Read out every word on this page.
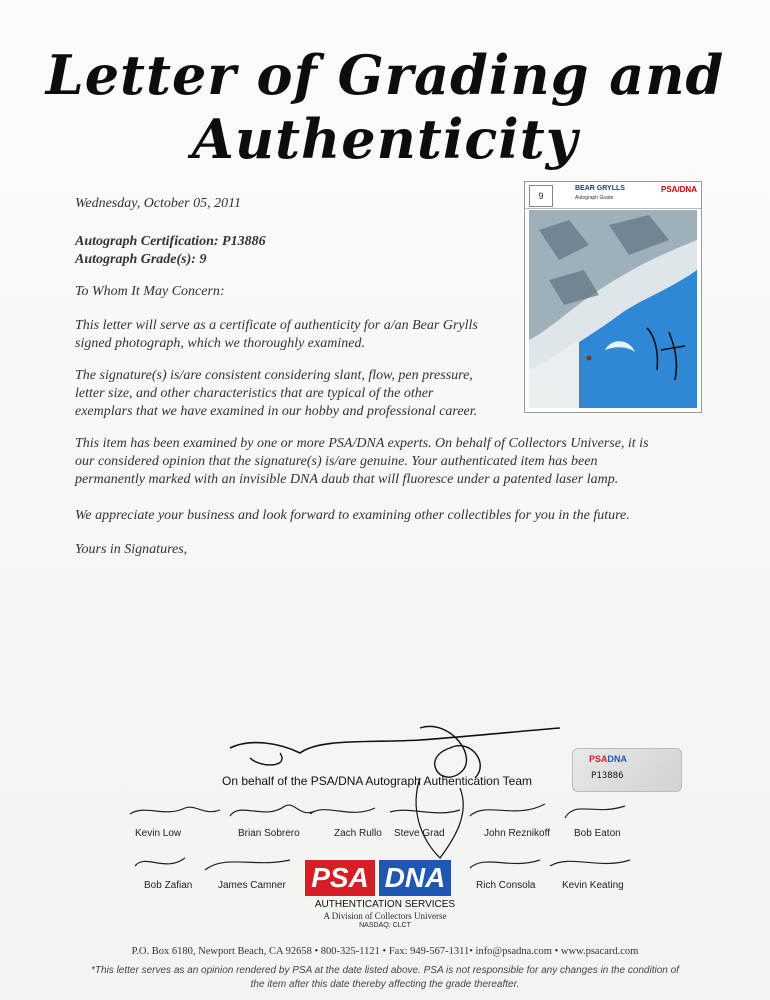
Letter of Grading and
Authenticity
Wednesday, October 05, 2011
Autograph Certification: P13886
Autograph Grade(s): 9
To Whom It May Concern:
This letter will serve as a certificate of authenticity for a/an Bear Grylls
signed photograph, which we thoroughly examined.
The signature(s) is/are consistent considering slant, flow, pen pressure,
letter size, and other characteristics that are typical of the other
exemplars that we have examined in our hobby and professional career.
This item has been examined by one or more PSA/DNA experts. On behalf of Collectors Universe, it is
our considered opinion that the signature(s) is/are genuine. Your authenticated item has been
permanently marked with an invisible DNA daub that will fluoresce under a patented laser lamp.
We appreciate your business and look forward to examining other collectibles for you in the future.
Yours in Signatures,
9
BEAR GRYLLS
Autograph Grade
PSA/DNA
On behalf of the PSA/DNA Autograph Authentication Team
PSADNA
P13886
Kevin Low	Brian Sobrero	Zach Rullo Steve Grad	John Reznikoff Bob Eaton
Bob Zafian	James Camner	Rich Consola	Kevin Keating
PSA DNA
AUTHENTICATION SERVICES
A Division of Collectors Universe
NASDAQ: CLCT
P.O. Box 6180, Newport Beach, CA 92658 • 800-325-1121 • Fax: 949-567-1311• info@psadna.com • www.psacard.com
*This letter serves as an opinion rendered by PSA at the date listed above. PSA is not responsible for any changes in the condition of
the item after this date thereby affecting the grade thereafter.
